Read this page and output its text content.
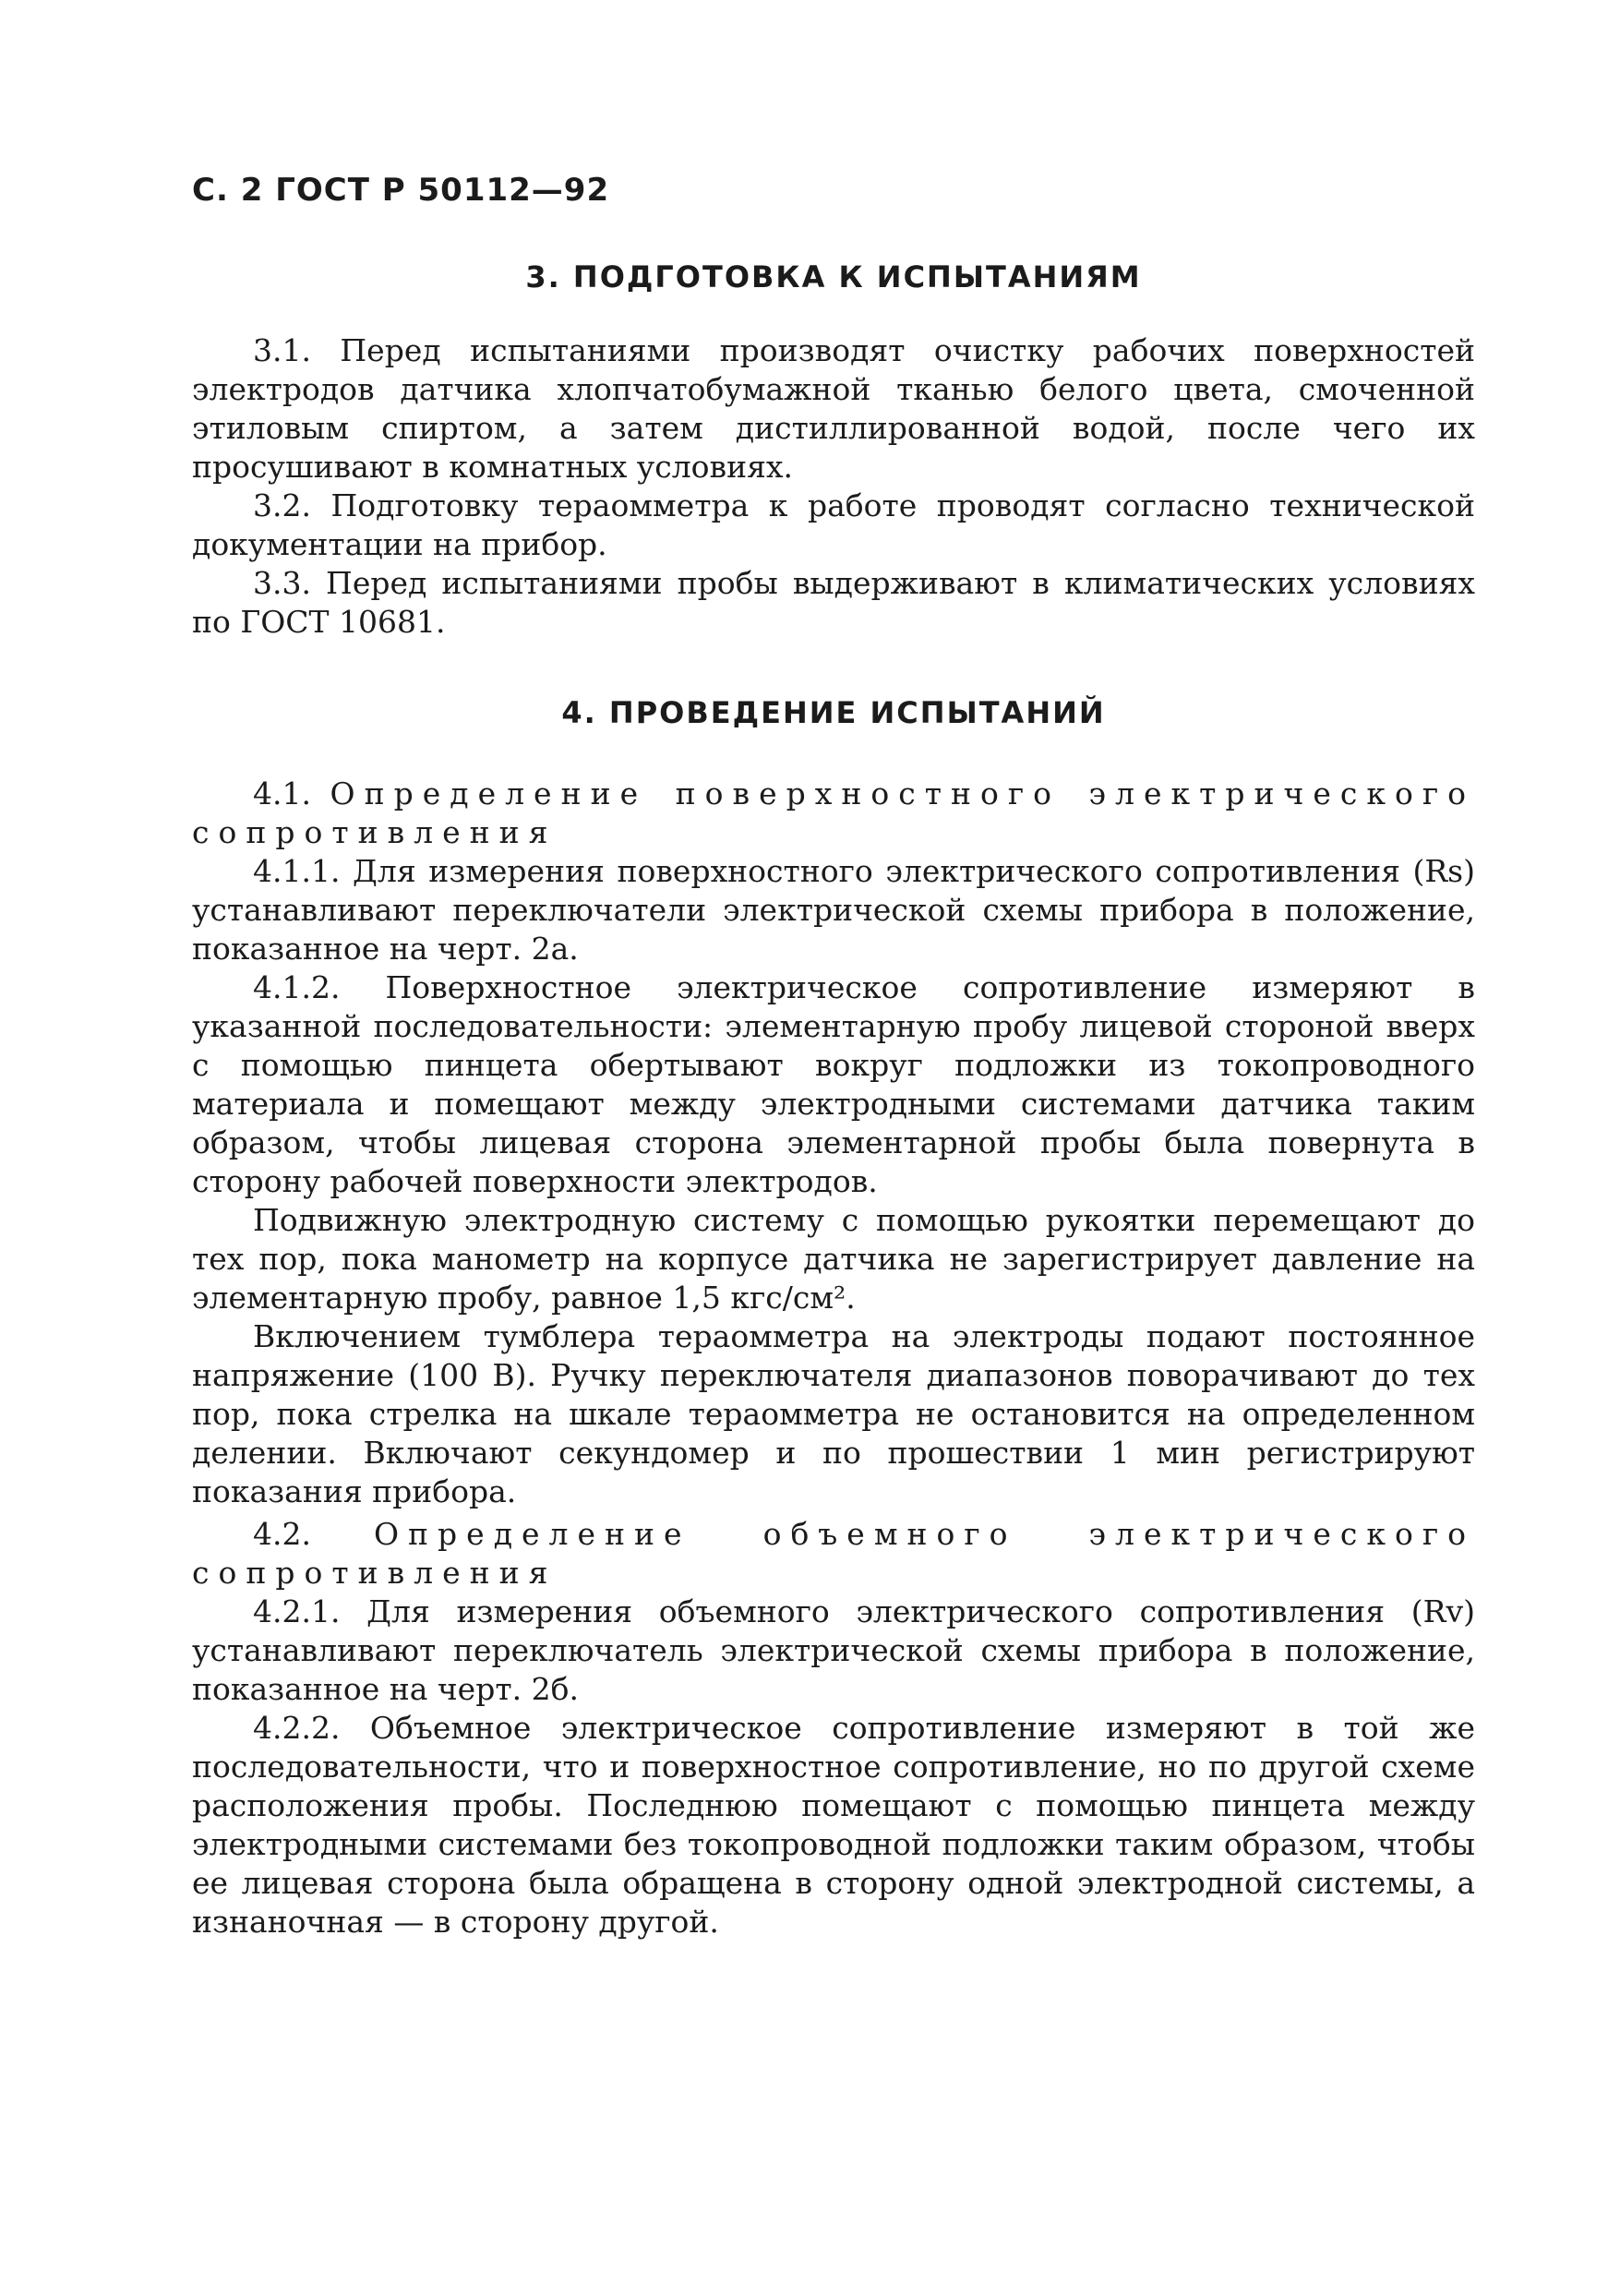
С. 2 ГОСТ Р 50112—92
3. ПОДГОТОВКА К ИСПЫТАНИЯМ

3.1. Перед испытаниями производят очистку рабочих поверхностей электродов датчика хлопчатобумажной тканью белого цвета, смоченной этиловым спиртом, а затем дистиллированной водой, после чего их просушивают в комнатных условиях.

3.2. Подготовку тераомметра к работе проводят согласно технической документации на прибор.

3.3. Перед испытаниями пробы выдерживают в климатических условиях по ГОСТ 10681.

4. ПРОВЕДЕНИЕ ИСПЫТАНИЙ

4.1. Определение поверхностного электрического сопротивления

4.1.1. Для измерения поверхностного электрического сопротивления (Rs) устанавливают переключатели электрической схемы прибора в положение, показанное на черт. 2а.

4.1.2. Поверхностное электрическое сопротивление измеряют в указанной последовательности: элементарную пробу лицевой стороной вверх с помощью пинцета обертывают вокруг подложки из токопроводного материала и помещают между электродными системами датчика таким образом, чтобы лицевая сторона элементарной пробы была повернута в сторону рабочей поверхности электродов.

Подвижную электродную систему с помощью рукоятки перемещают до тех пор, пока манометр на корпусе датчика не зарегистрирует давление на элементарную пробу, равное 1,5 кгс/см².

Включением тумблера тераомметра на электроды подают постоянное напряжение (100 В). Ручку переключателя диапазонов поворачивают до тех пор, пока стрелка на шкале тераомметра не остановится на определенном делении. Включают секундомер и по прошествии 1 мин регистрируют показания прибора.

4.2. Определение объемного электрического сопротивления

4.2.1. Для измерения объемного электрического сопротивления (Rv) устанавливают переключатель электрической схемы прибора в положение, показанное на черт. 2б.

4.2.2. Объемное электрическое сопротивление измеряют в той же последовательности, что и поверхностное сопротивление, но по другой схеме расположения пробы. Последнюю помещают с помощью пинцета между электродными системами без токопроводной подложки таким образом, чтобы ее лицевая сторона была обращена в сторону одной электродной системы, а изнаночная — в сторону другой.
